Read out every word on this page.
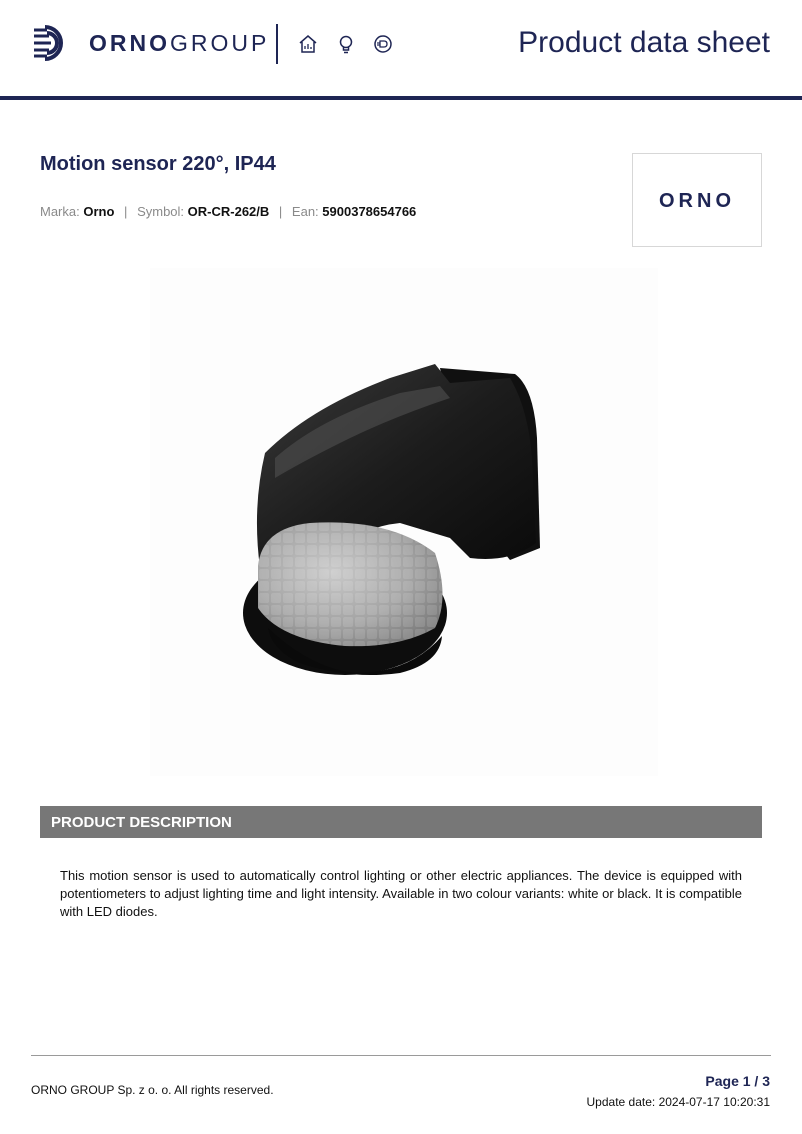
ORNOGROUP	Product data sheet
Motion sensor 220°, IP44
Marka: Orno | Symbol: OR-CR-262/B | Ean: 5900378654766	ORNO
PRODUCT DESCRIPTION
This motion sensor is used to automatically control lighting or other electric appliances. The device is equipped with potentiometers to adjust lighting time and light intensity. Available in two colour variants: white or black. It is compatible with LED diodes.
ORNO GROUP Sp. z o. o. All rights reserved.
Page 1 / 3
Update date: 2024-07-17 10:20:31
